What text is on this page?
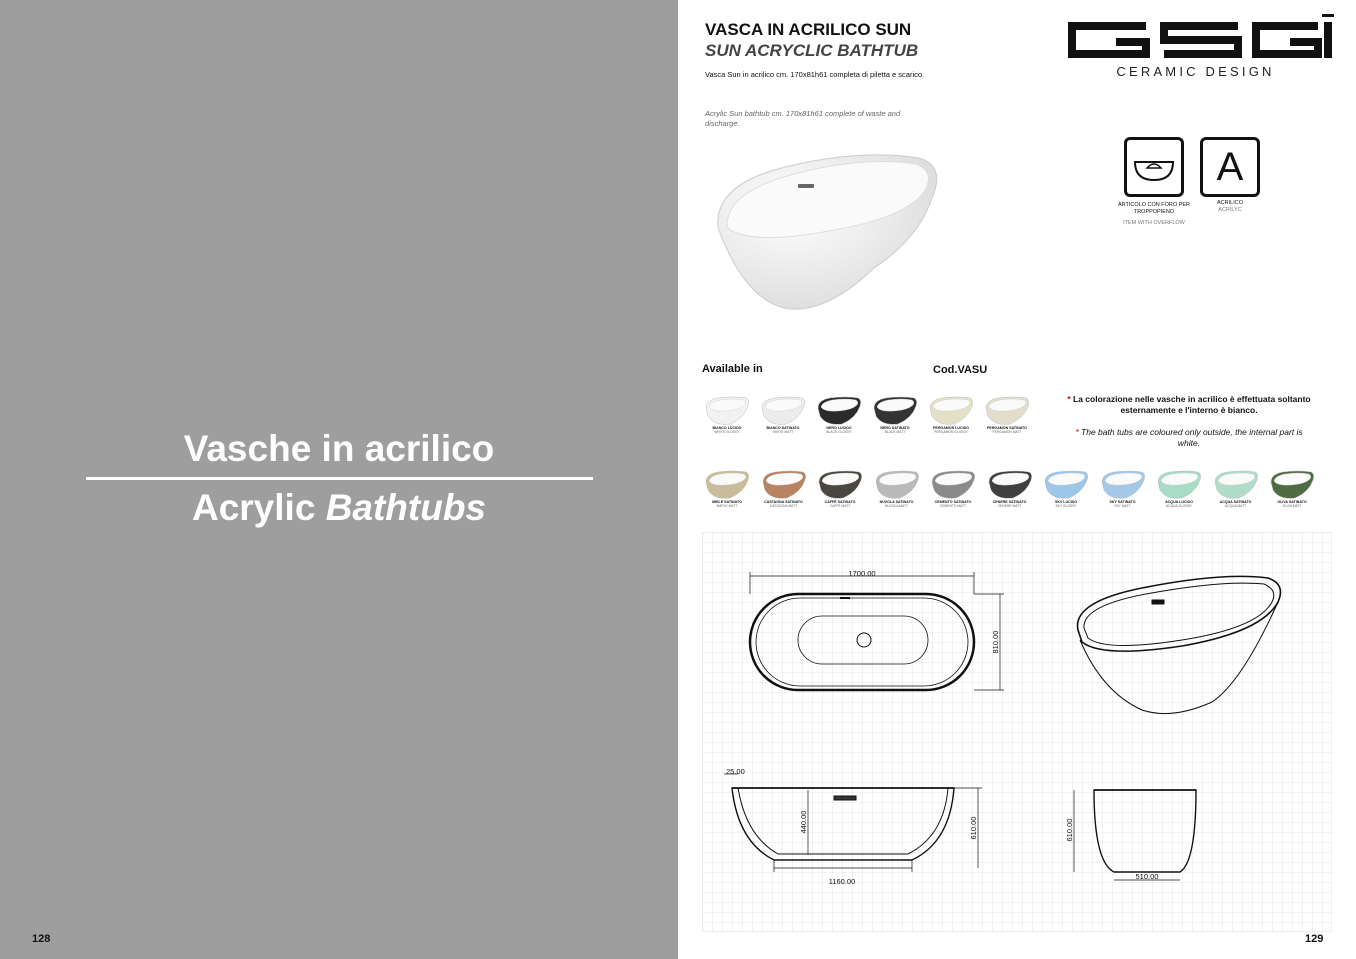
Vasche in acrilico
Acrylic Bathtubs
128
VASCA IN ACRILICO SUN
SUN ACRYCLIC BATHTUB
Vasca Sun in acrilico cm. 170x81h61 completa di piletta e scarico.
Acrylic Sun bathtub cm. 170x81h61 complete of waste and discharge.
CERAMIC DESIGN
A
ARTICOLO CON FORO PER TROPPOPIENO
ITEM WITH OVERFLOW
ACRILICO
ACRILYC
Available in	Cod.VASU
* La colorazione nelle vasche in acrilico è effettuata soltanto esternamente e l'interno è bianco.
* The bath tubs are coloured only outside, the internal part is white.
BIANCO LUCIDO
WHITE GLOSSY
BIANCO SATINATO
WHITE MATT
NERO LUCIDO
BLACK GLOSSY
NERO SATINATO
BLACK MATT
PERGAMON LUCIDO
PERGAMON GLOSSY
PERGAMON SATINATO
PERGAMON MATT
MIELE SATINATO
MAPLE MATT
CASTAGNA SATINATO
CASTAGNA MATT
CAFFÈ SATINATO
CAFFÈ MATT
NUVOLA SATINATO
NUVOLA MATT
CEMENTO SATINATO
CEMENTO MATT
CENERE SATINATO
CENERE MATT
SKY LUCIDO
SKY GLOSSY
SKY SATINATO
SKY MATT
ACQUA LUCIDO
ACQUA GLOSSY
ACQUA SATINATO
ACQUA MATT
OLIVA SATINATO
OLIVA MATT
1700.00
810.00
1160.00
610.00
440.00
25.00
510.00
610.00
129
